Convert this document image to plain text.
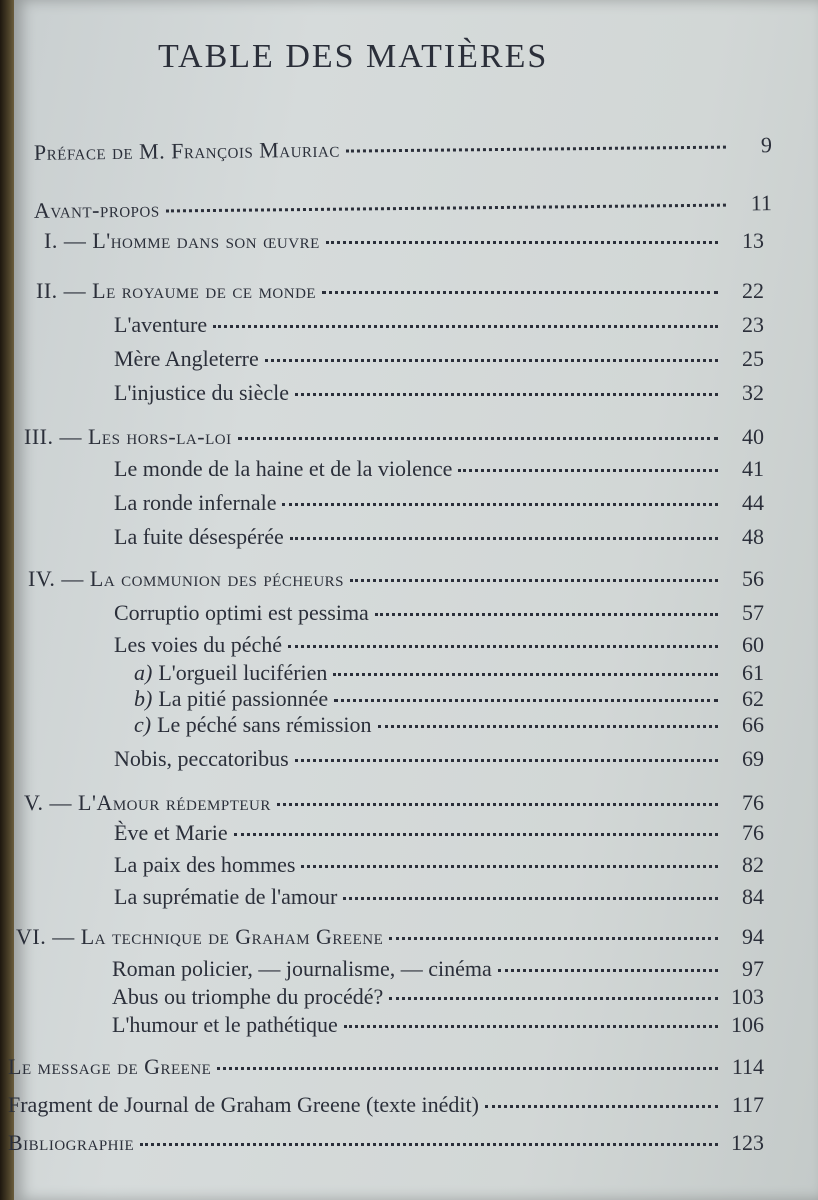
TABLE DES MATIÈRES
Préface de M. François Mauriac	9
Avant-propos	11
I. — L'homme dans son œuvre	13
II. — Le royaume de ce monde	22
L'aventure	23
Mère Angleterre	25
L'injustice du siècle	32
III. — Les hors-la-loi	40
Le monde de la haine et de la violence	41
La ronde infernale	44
La fuite désespérée	48
IV. — La communion des pécheurs	56
Corruptio optimi est pessima	57
Les voies du péché	60
a) L'orgueil luciférien	61
b) La pitié passionnée	62
c) Le péché sans rémission	66
Nobis, peccatoribus	69
V. — L'Amour rédempteur	76
Ève et Marie	76
La paix des hommes	82
La suprématie de l'amour	84
VI. — La technique de Graham Greene	94
Roman policier, — journalisme, — cinéma	97
Abus ou triomphe du procédé?	103
L'humour et le pathétique	106
Le message de Greene	114
Fragment de Journal de Graham Greene (texte inédit)	117
Bibliographie	123
